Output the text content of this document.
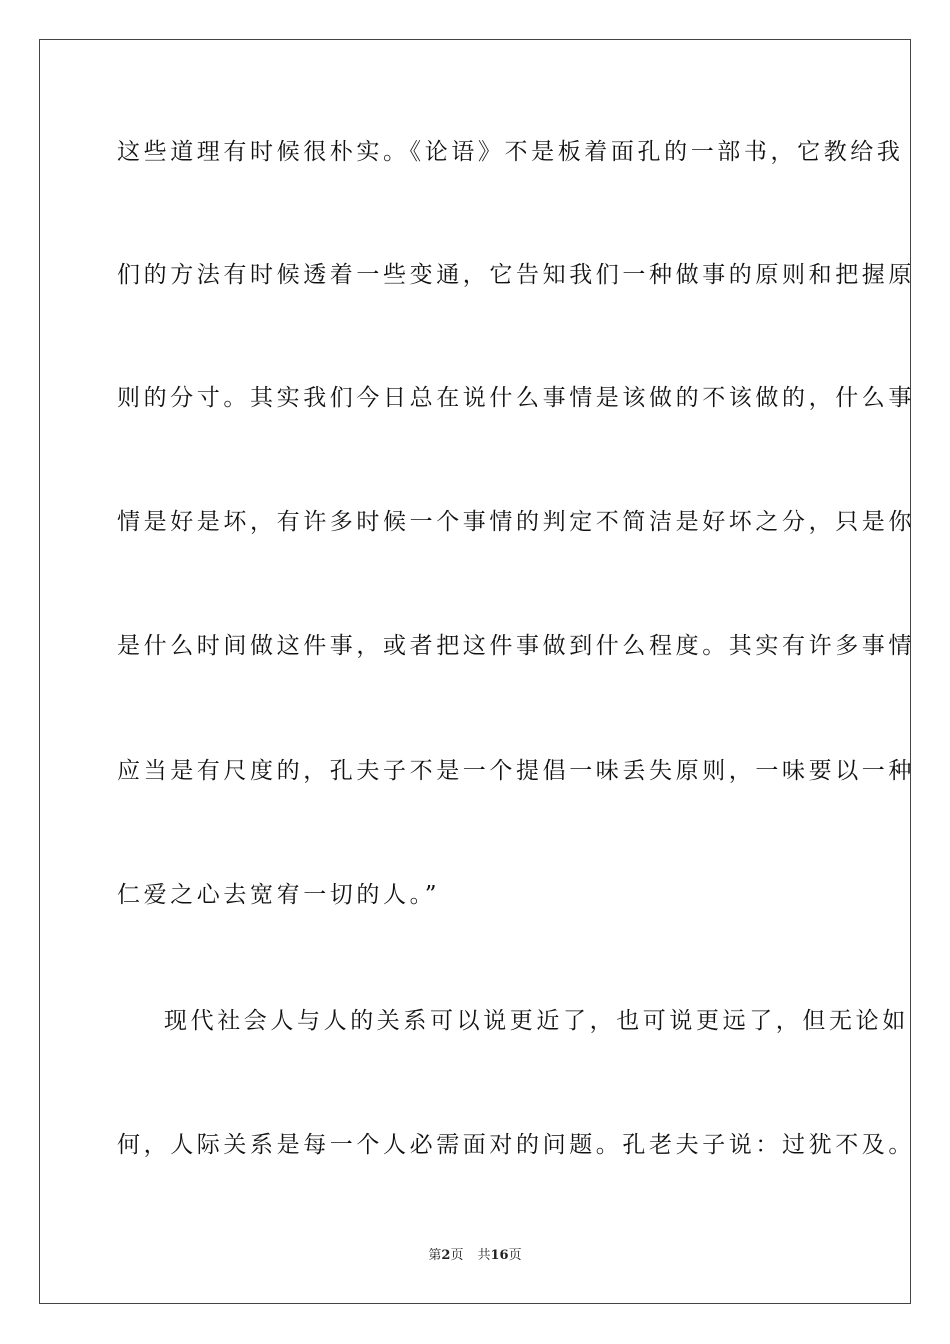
这些道理有时候很朴实。《论语》不是板着面孔的一部书，它教给我
们的方法有时候透着一些变通，它告知我们一种做事的原则和把握原
则的分寸。其实我们今日总在说什么事情是该做的不该做的，什么事
情是好是坏，有许多时候一个事情的判定不简洁是好坏之分，只是你
是什么时间做这件事，或者把这件事做到什么程度。其实有许多事情
应当是有尺度的，孔夫子不是一个提倡一味丢失原则，一味要以一种
仁爱之心去宽宥一切的人。”
现代社会人与人的关系可以说更近了，也可说更远了，但无论如
何，人际关系是每一个人必需面对的问题。孔老夫子说：过犹不及。
第2页 共16页
